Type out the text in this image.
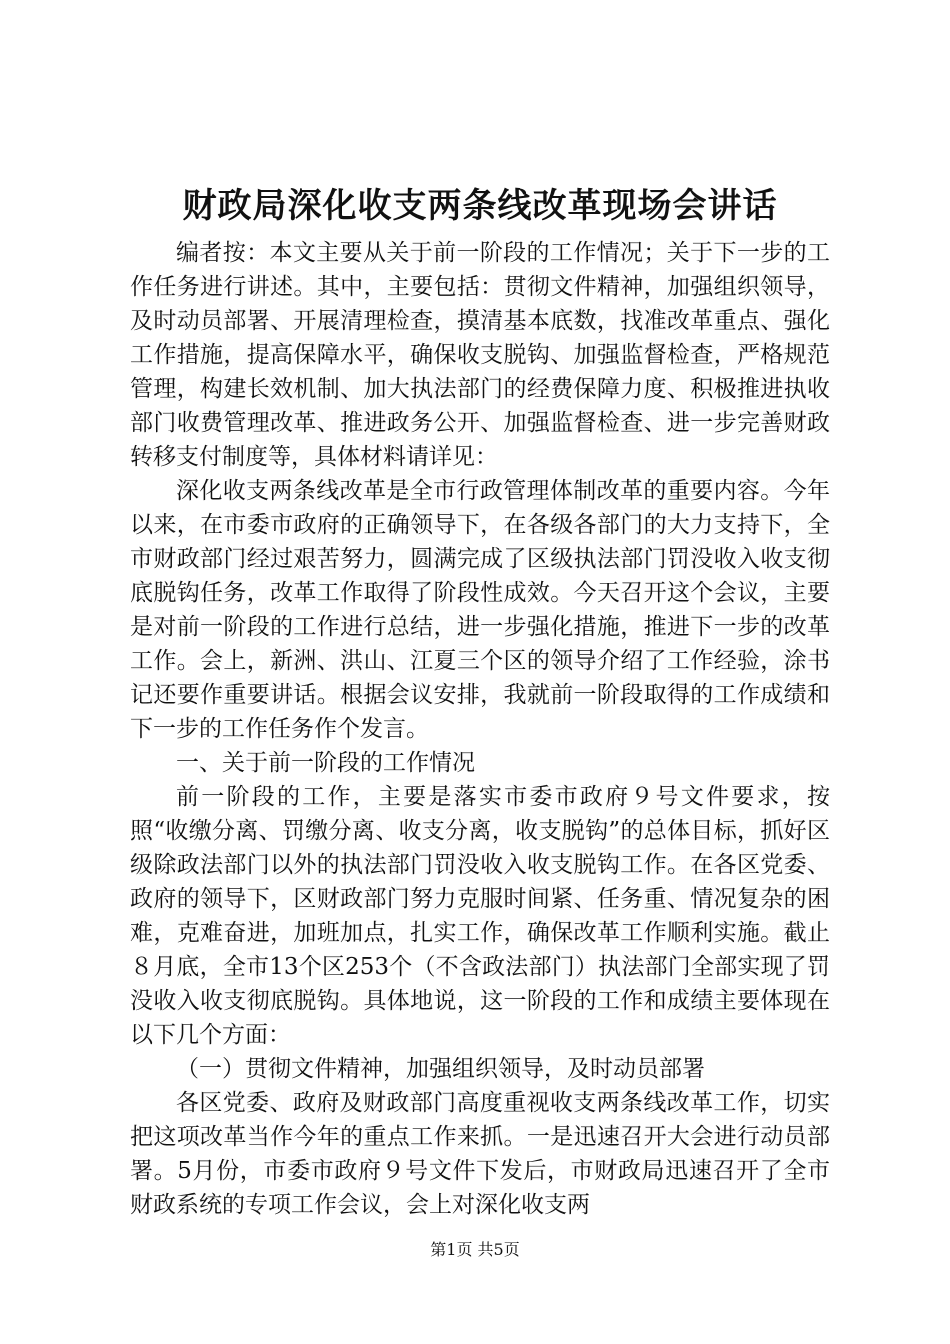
财政局深化收支两条线改革现场会讲话

编者按：本文主要从关于前一阶段的工作情况；关于下一步的工作任务进行讲述。其中，主要包括：贯彻文件精神，加强组织领导，及时动员部署、开展清理检查，摸清基本底数，找准改革重点、强化工作措施，提高保障水平，确保收支脱钩、加强监督检查，严格规范管理，构建长效机制、加大执法部门的经费保障力度、积极推进执收部门收费管理改革、推进政务公开、加强监督检查、进一步完善财政转移支付制度等，具体材料请详见：

深化收支两条线改革是全市行政管理体制改革的重要内容。今年以来，在市委市政府的正确领导下，在各级各部门的大力支持下，全市财政部门经过艰苦努力，圆满完成了区级执法部门罚没收入收支彻底脱钩任务，改革工作取得了阶段性成效。今天召开这个会议，主要是对前一阶段的工作进行总结，进一步强化措施，推进下一步的改革工作。会上，新洲、洪山、江夏三个区的领导介绍了工作经验，涂书记还要作重要讲话。根据会议安排，我就前一阶段取得的工作成绩和下一步的工作任务作个发言。

一、关于前一阶段的工作情况

前一阶段的工作，主要是落实市委市政府９号文件要求，按照“收缴分离、罚缴分离、收支分离，收支脱钩”的总体目标，抓好区级除政法部门以外的执法部门罚没收入收支脱钩工作。在各区党委、政府的领导下，区财政部门努力克服时间紧、任务重、情况复杂的困难，克难奋进，加班加点，扎实工作，确保改革工作顺利实施。截止８月底，全市13个区253个（不含政法部门）执法部门全部实现了罚没收入收支彻底脱钩。具体地说，这一阶段的工作和成绩主要体现在以下几个方面：

（一）贯彻文件精神，加强组织领导，及时动员部署

各区党委、政府及财政部门高度重视收支两条线改革工作，切实把这项改革当作今年的重点工作来抓。一是迅速召开大会进行动员部署。5月份，市委市政府９号文件下发后，市财政局迅速召开了全市财政系统的专项工作会议，会上对深化收支两

第1页 共5页
